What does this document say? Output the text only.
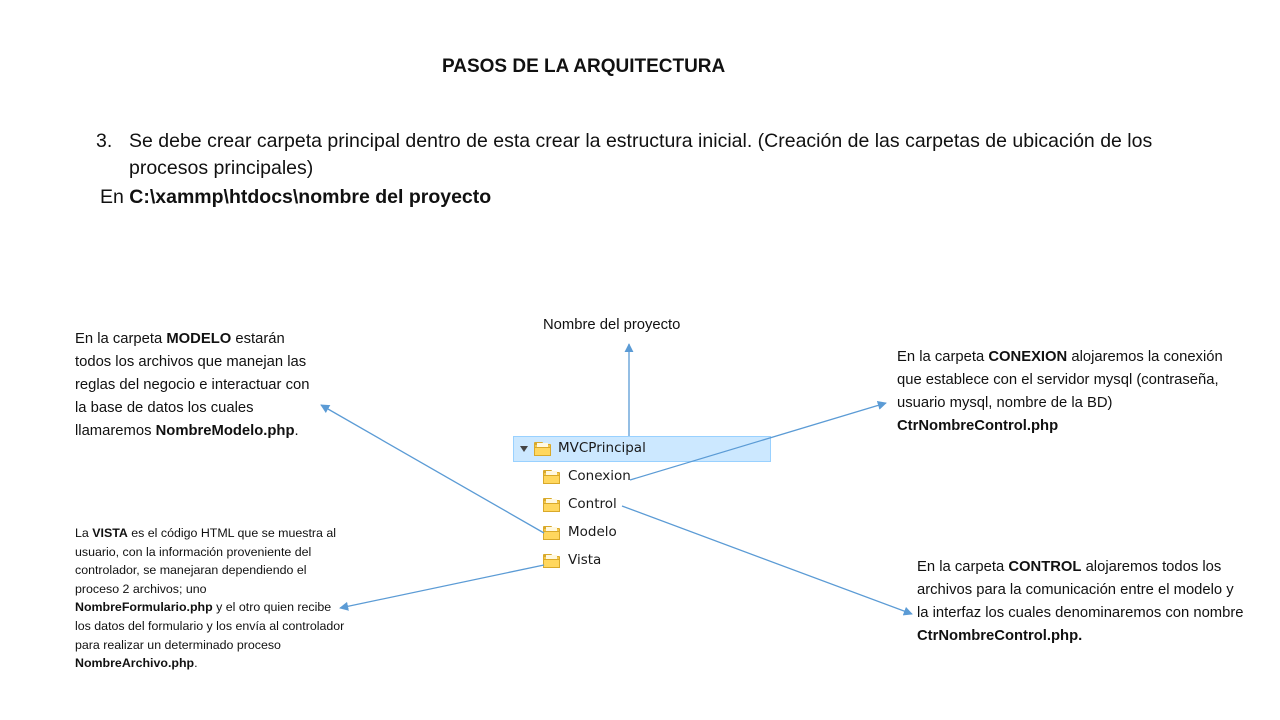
PASOS DE LA ARQUITECTURA
3. Se debe crear carpeta principal dentro de esta crear la estructura inicial. (Creación de las carpetas de ubicación de los procesos principales)
En C:\xammp\htdocs\nombre del proyecto
Nombre del proyecto
En la carpeta MODELO estarán todos los archivos que manejan las reglas del negocio e interactuar con la base de datos los cuales llamaremos NombreModelo.php.
En la carpeta CONEXION alojaremos la conexión que establece con el servidor mysql (contraseña, usuario mysql, nombre de la BD) CtrNombreControl.php
La VISTA es el código HTML que se muestra al usuario, con la información proveniente del controlador, se manejaran dependiendo el proceso 2 archivos; uno NombreFormulario.php y el otro quien recibe los datos del formulario y los envía al controlador para realizar un determinado proceso NombreArchivo.php.
En la carpeta CONTROL alojaremos todos los archivos para la comunicación entre el modelo y la interfaz los cuales denominaremos con nombre CtrNombreControl.php.
MVCPrincipal
Conexion
Control
Modelo
Vista
